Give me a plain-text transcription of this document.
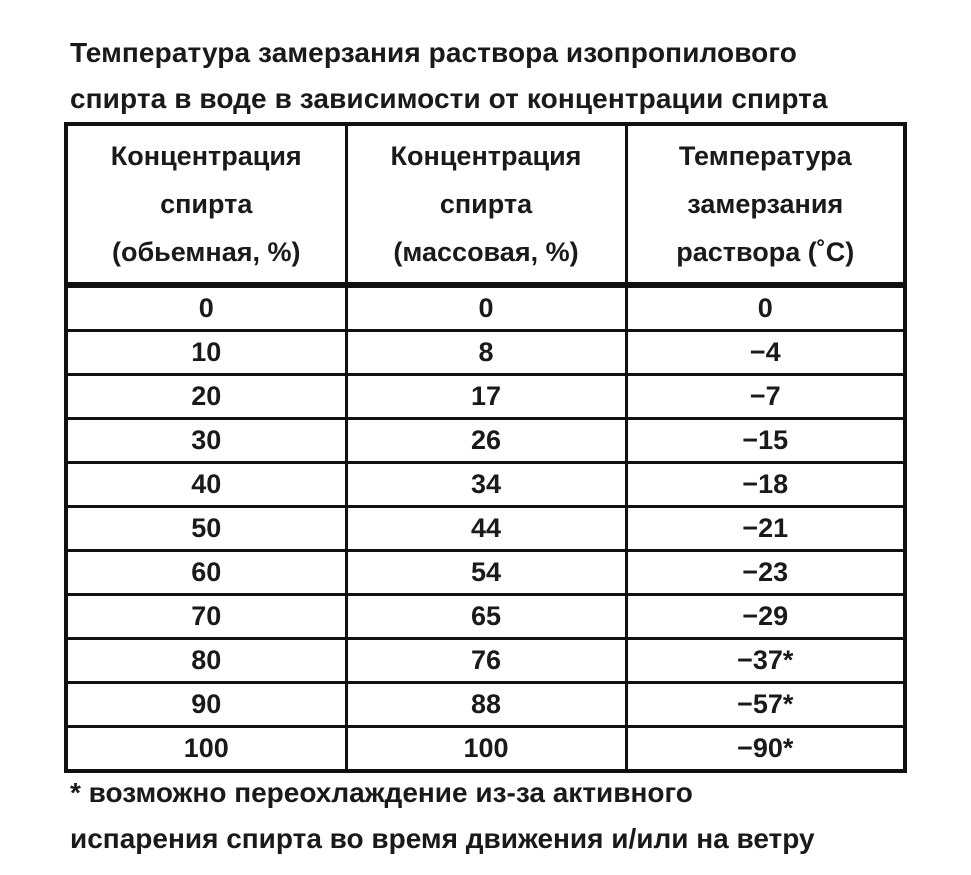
Температура замерзания раствора изопропилового
спирта в воде в зависимости от концентрации спирта
Концентрация
спирта
(обьемная, %)	Концентрация
спирта
(массовая, %)	Температура
замерзания
раствора (˚С)

0	0	0
10	8	−4
20	17	−7
30	26	−15
40	34	−18
50	44	−21
60	54	−23
70	65	−29
80	76	−37*
90	88	−57*
100	100	−90*
* возможно переохлаждение из-за активного
испарения спирта во время движения и/или на ветру
